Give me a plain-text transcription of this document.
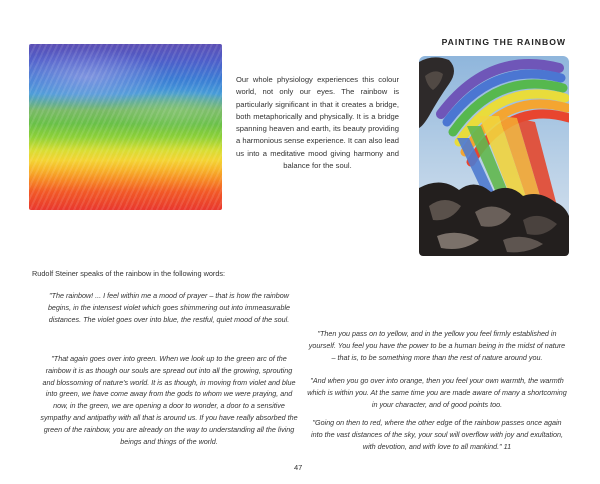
PAINTING THE RAINBOW

Our whole physiology experiences this colour world, not only our eyes. The rainbow is particularly significant in that it creates a bridge, both metaphorically and physically. It is a bridge spanning heaven and earth, its beauty providing a harmonious sense experience. It can also lead us into a meditative mood giving harmony and balance for the soul.

Rudolf Steiner speaks of the rainbow in the following words:

"The rainbow! ... I feel within me a mood of prayer – that is how the rainbow begins, in the intensest violet which goes shimmering out into immeasurable distances. The violet goes over into blue, the restful, quiet mood of the soul.

"That again goes over into green. When we look up to the green arc of the rainbow it is as though our souls are spread out into all the growing, sprouting and blossoming of nature's world. It is as though, in moving from violet and blue into green, we have come away from the gods to whom we were praying, and now, in the green, we are opening a door to wonder, a door to a sensitive sympathy and antipathy with all that is around us. If you have really absorbed the green of the rainbow, you are already on the way to understanding all the living beings and things of the world.

"Then you pass on to yellow, and in the yellow you feel firmly established in yourself. You feel you have the power to be a human being in the midst of nature – that is, to be something more than the rest of nature around you.

"And when you go over into orange, then you feel your own warmth, the warmth which is within you. At the same time you are made aware of many a shortcoming in your character, and of good points too.

"Going on then to red, where the other edge of the rainbow passes once again into the vast distances of the sky, your soul will overflow with joy and exultation, with devotion, and with love to all mankind." 11

47
